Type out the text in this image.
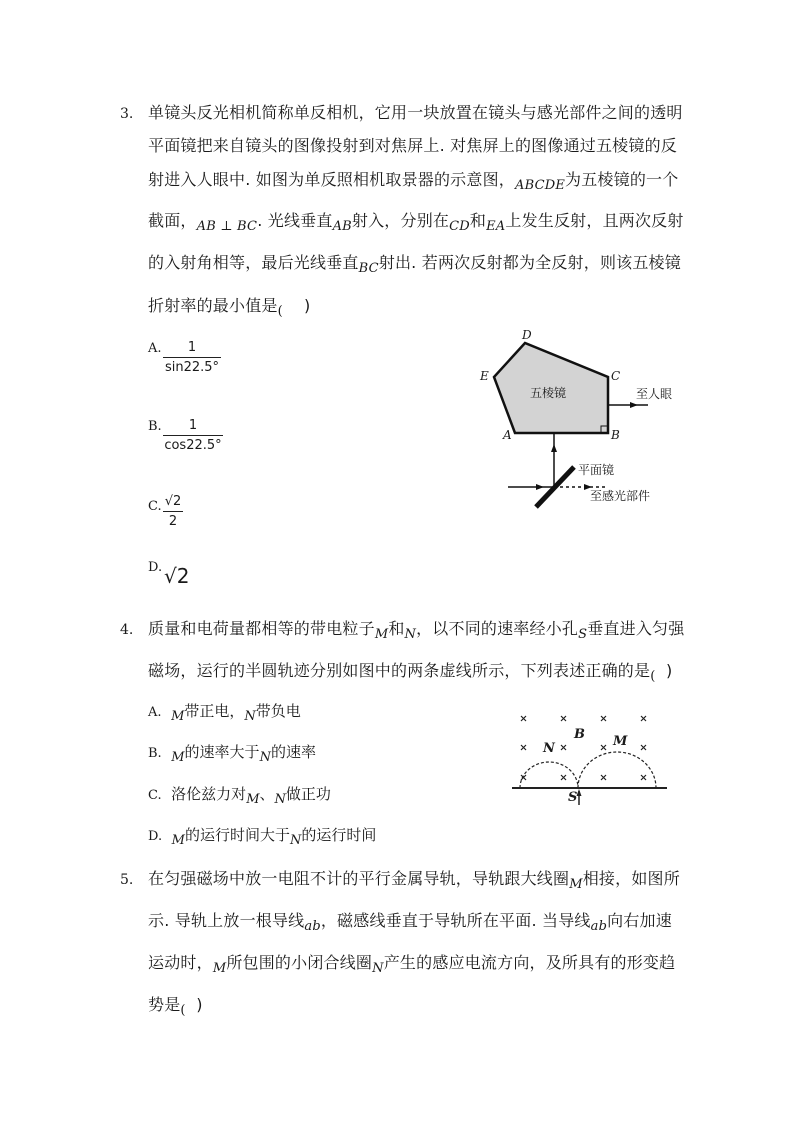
3. 单镜头反光相机简称单反相机，它用一块放置在镜头与感光部件之间的透明
平面镜把来自镜头的图像投射到对焦屏上. 对焦屏上的图像通过五棱镜的反
射进入人眼中. 如图为单反照相机取景器的示意图，$_{ABCDE}$为五棱镜的一个
截面，$_{AB \perp BC}$. 光线垂直$_{AB}$射入，分别在$_{CD}$和$_{EA}$上发生反射，且两次反射
的入射角相等，最后光线垂直$_{BC}$射出. 若两次反射都为全反射，则该五棱镜
折射率的最小值是$_($    )
A.	1
sin22.5°
B.	1
cos22.5°
C. √2
2
D. √2
D
E	C
A	B
五棱镜	至人眼
平面镜
至感光部件
4. 质量和电荷量都相等的带电粒子$_M$和$_N$，以不同的速率经小孔$_S$垂直进入匀强
磁场，运行的半圆轨迹分别如图中的两条虚线所示，下列表述正确的是$_($  )
A. M带正电，N带负电
B. M的速率大于N的速率
C. 洛伦兹力对M、N做正功
D. M的运行时间大于N的运行时间
B
N	M
S
5. 在匀强磁场中放一电阻不计的平行金属导轨，导轨跟大线圈$_M$相接，如图所
示. 导轨上放一根导线$_{ab}$，磁感线垂直于导轨所在平面. 当导线$_{ab}$向右加速
运动时，$_M$所包围的小闭合线圈$_N$产生的感应电流方向，及所具有的形变趋
势是$_($  )
